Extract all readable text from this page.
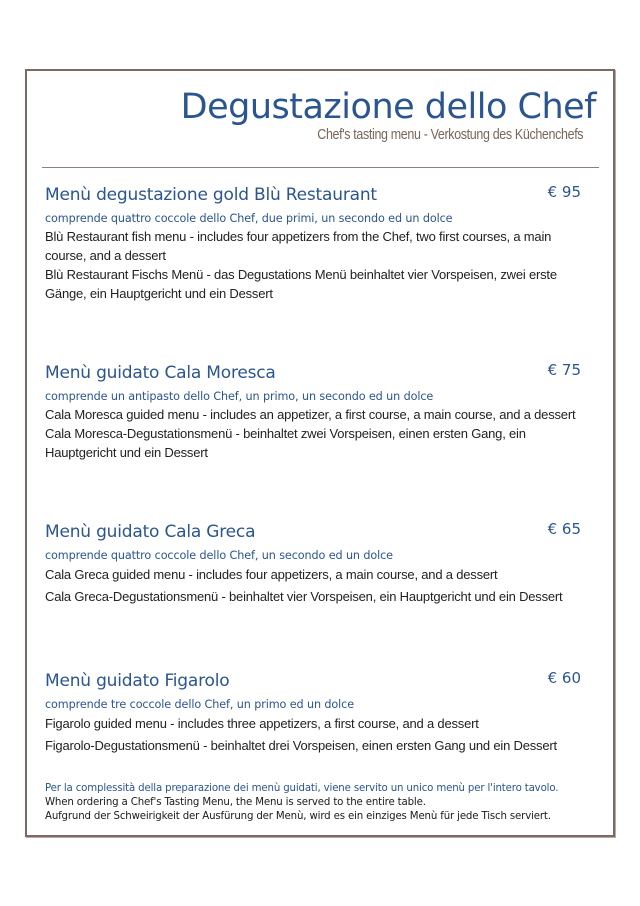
Degustazione dello Chef
Chef's tasting menu - Verkostung des Küchenchefs
Menù degustazione gold Blù Restaurant	€ 95
comprende quattro coccole dello Chef, due primi, un secondo ed un dolce
Blù Restaurant fish menu - includes four appetizers from the Chef, two first courses, a main course, and a dessert
Blù Restaurant Fischs Menü - das Degustations Menü beinhaltet vier Vorspeisen, zwei erste Gänge, ein Hauptgericht und ein Dessert
Menù guidato Cala Moresca	€ 75
comprende un antipasto dello Chef, un primo, un secondo ed un dolce
Cala Moresca guided menu - includes an appetizer, a first course, a main course, and a dessert
Cala Moresca-Degustationsmenü - beinhaltet zwei Vorspeisen, einen ersten Gang, ein Hauptgericht und ein Dessert
Menù guidato Cala Greca	€ 65
comprende quattro coccole dello Chef, un secondo ed un dolce
Cala Greca guided menu - includes four appetizers, a main course, and a dessert
Cala Greca-Degustationsmenü - beinhaltet vier Vorspeisen, ein Hauptgericht und ein Dessert
Menù guidato Figarolo	€ 60
comprende tre coccole dello Chef, un primo ed un dolce
Figarolo guided menu - includes three appetizers, a first course, and a dessert
Figarolo-Degustationsmenü - beinhaltet drei Vorspeisen, einen ersten Gang und ein Dessert
Per la complessità della preparazione dei menù guidati, viene servito un unico menù per l'intero tavolo.
When ordering a Chef's Tasting Menu, the Menu is served to the entire table.
Aufgrund der Schweirigkeit der Ausfürung der Menù, wird es ein einziges Menù für jede Tisch serviert.
